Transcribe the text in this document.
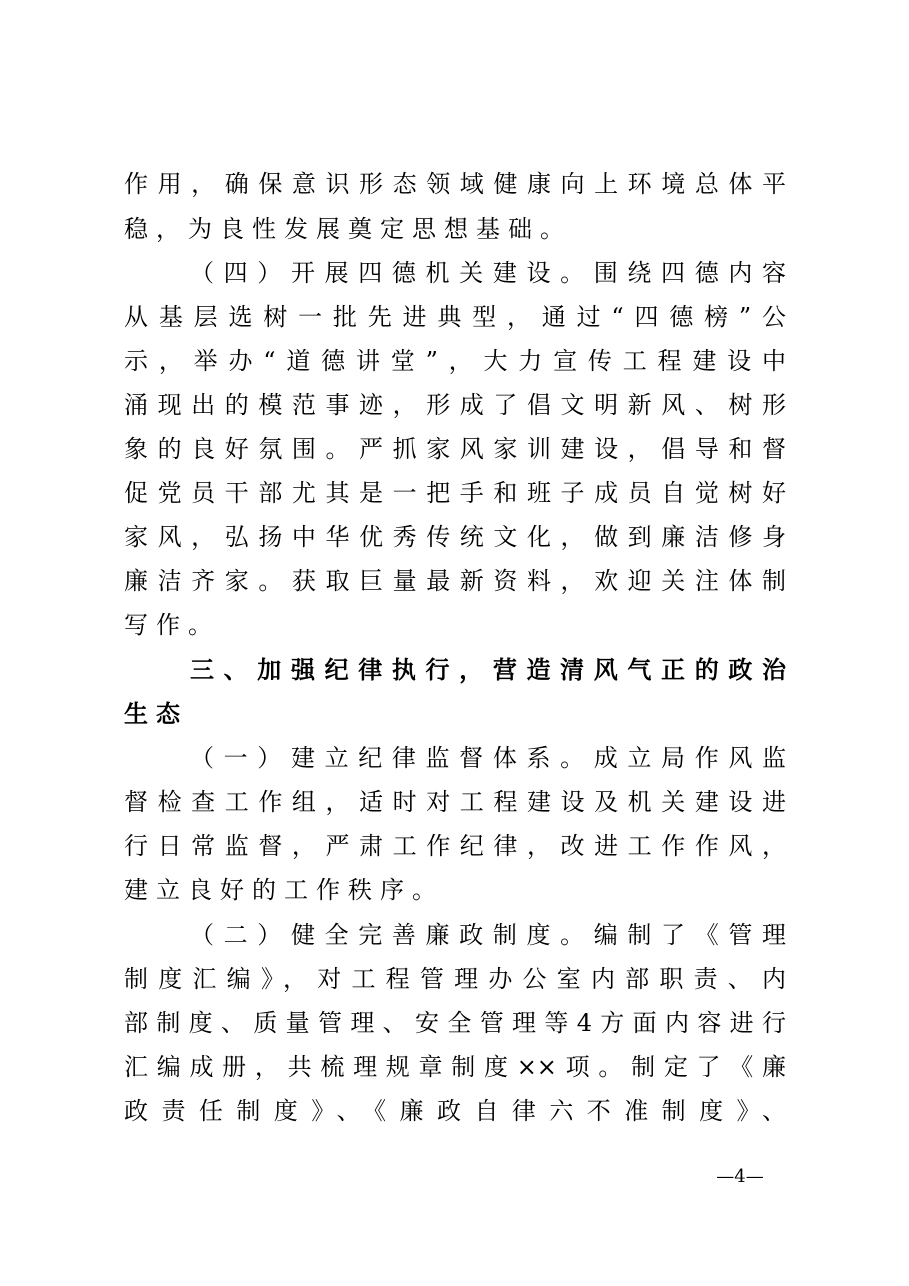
作用，确保意识形态领域健康向上环境总体平
稳，为良性发展奠定思想基础。
（四）开展四德机关建设。围绕四德内容
从基层选树一批先进典型，通过“四德榜”公
示，举办“道德讲堂”，大力宣传工程建设中
涌现出的模范事迹，形成了倡文明新风、树形
象的良好氛围。严抓家风家训建设，倡导和督
促党员干部尤其是一把手和班子成员自觉树好
家风，弘扬中华优秀传统文化，做到廉洁修身
廉洁齐家。获取巨量最新资料，欢迎关注体制
写作。
三、加强纪律执行，营造清风气正的政治
生态
（一）建立纪律监督体系。成立局作风监
督检查工作组，适时对工程建设及机关建设进
行日常监督，严肃工作纪律，改进工作作风，
建立良好的工作秩序。
（二）健全完善廉政制度。编制了《管理
制度汇编》，对工程管理办公室内部职责、内
部制度、质量管理、安全管理等4方面内容进行
汇编成册，共梳理规章制度××项。制定了《廉
政责任制度》、《廉政自律六不准制度》、
—4—
